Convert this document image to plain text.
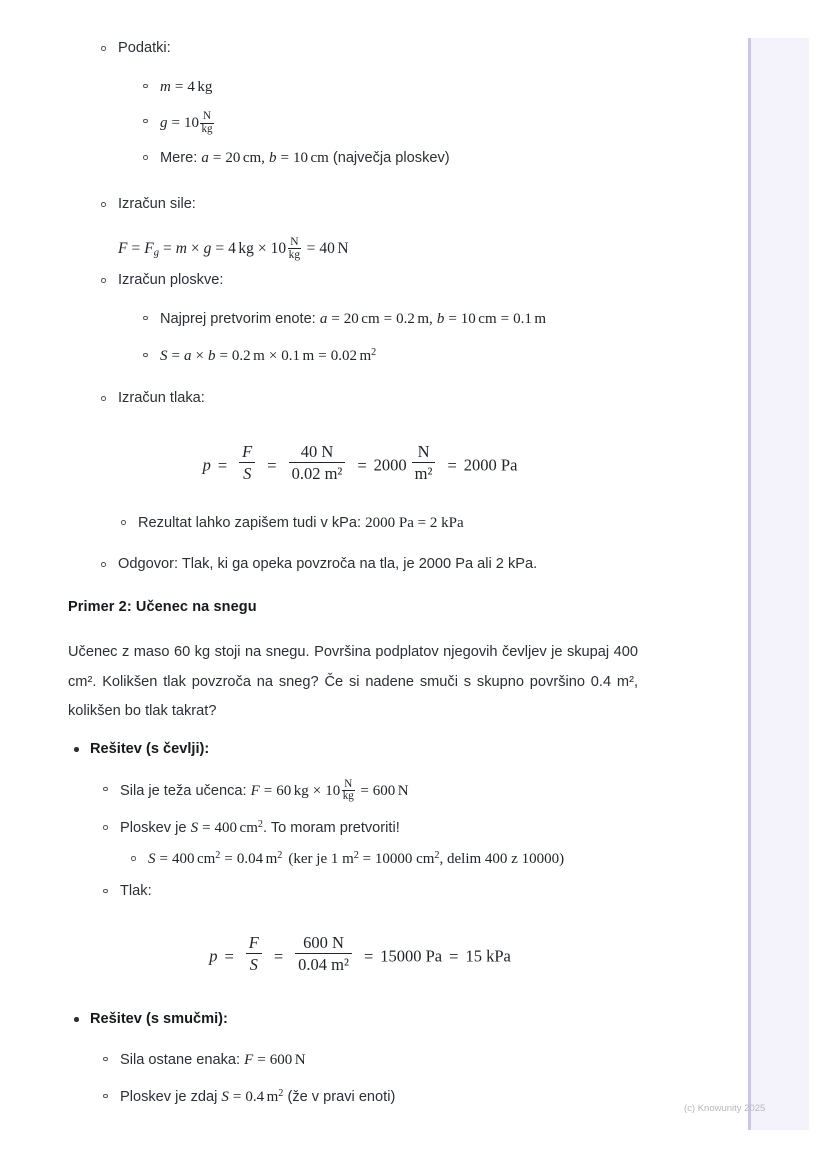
Podatki:
m = 4 kg
$g = 10 \frac{N}{kg}$
Mere: a = 20 cm, b = 10 cm (največja ploskev)
Izračun sile:
$F = F_g = m \times g = 4$ kg × $10 \frac{N}{kg} = 40$ N
Izračun ploskve:
Najprej pretvorim enote: a = 20 cm = 0.2 m, b = 10 cm = 0.1 m
S = a × b = 0.2 m × 0.1 m = 0.02 $m^2$
Izračun tlaka:
$p = \frac{F}{S} = \frac{40 N}{\text{0.02 m²}} = 2000 \frac{N}{\text{m²}} = 2000$ Pa
Rezultat lahko zapišem tudi v kPa: 2000 Pa = 2 kPa
Odgovor: Tlak, ki ga opeka povzroča na tla, je 2000 Pa ali 2 kPa.
Primer 2: Učenec na snegu
Učenec z maso 60 kg stoji na snegu. Površina podplatov njegovih čevljev je skupaj 400 cm². Kolikšen tlak povzroča na sneg? Če si nadene smuči s skupno površino 0.4 m², kolikšen bo tlak takrat?
Rešitev (s čevlji):
Sila je teža učenca: F = 60 kg × $10 \frac{N}{kg} = 600$ N
Ploskev je S = 400 $cm^2$. To moram pretvoriti!
S = 400 $cm^2 = 0.04$ $m^2$ (ker je 1 $m^2 = 10000$ $cm^2$, delim 400 z 10000)
Tlak:
$p = \frac{F}{S} = \frac{600 N}{\text{0.04 m²}} = 15000$ Pa = 15 kPa
Rešitev (s smučmi):
Sila ostane enaka: F = 600 N
Ploskev je zdaj S = 0.4 $m^2$ (že v pravi enoti)
(c) Knowunity 2025
